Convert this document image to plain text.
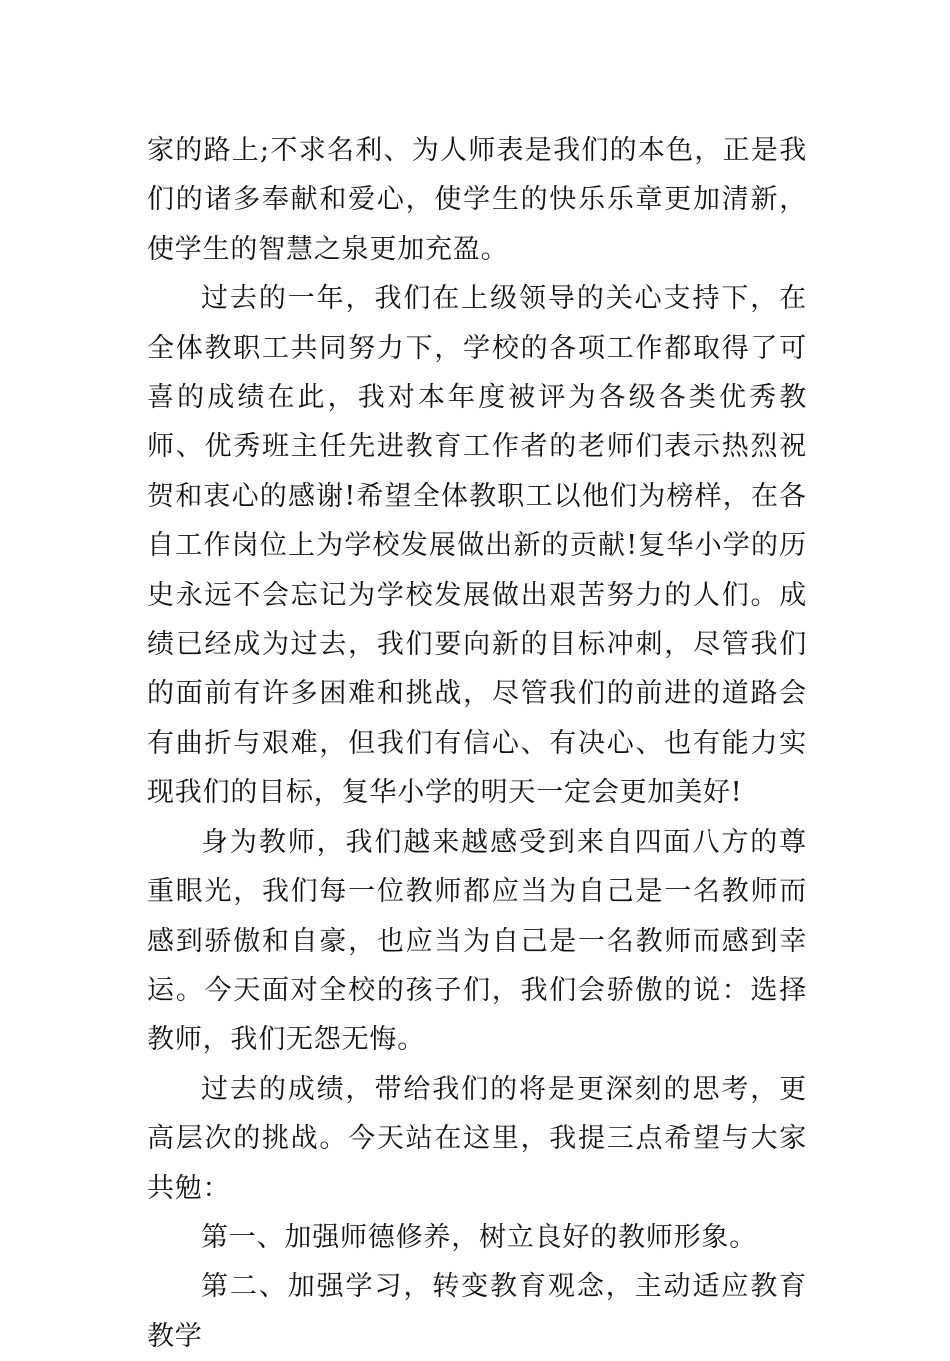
家的路上;不求名利、为人师表是我们的本色，正是我们的诸多奉献和爱心，使学生的快乐乐章更加清新，使学生的智慧之泉更加充盈。

过去的一年，我们在上级领导的关心支持下，在全体教职工共同努力下，学校的各项工作都取得了可喜的成绩在此，我对本年度被评为各级各类优秀教师、优秀班主任先进教育工作者的老师们表示热烈祝贺和衷心的感谢!希望全体教职工以他们为榜样，在各自工作岗位上为学校发展做出新的贡献!复华小学的历史永远不会忘记为学校发展做出艰苦努力的人们。成绩已经成为过去，我们要向新的目标冲刺，尽管我们的面前有许多困难和挑战，尽管我们的前进的道路会有曲折与艰难，但我们有信心、有决心、也有能力实现我们的目标，复华小学的明天一定会更加美好!

身为教师，我们越来越感受到来自四面八方的尊重眼光，我们每一位教师都应当为自己是一名教师而感到骄傲和自豪，也应当为自己是一名教师而感到幸运。今天面对全校的孩子们，我们会骄傲的说：选择教师，我们无怨无悔。

过去的成绩，带给我们的将是更深刻的思考，更高层次的挑战。今天站在这里，我提三点希望与大家共勉：

第一、加强师德修养，树立良好的教师形象。

第二、加强学习，转变教育观念，主动适应教育教学
